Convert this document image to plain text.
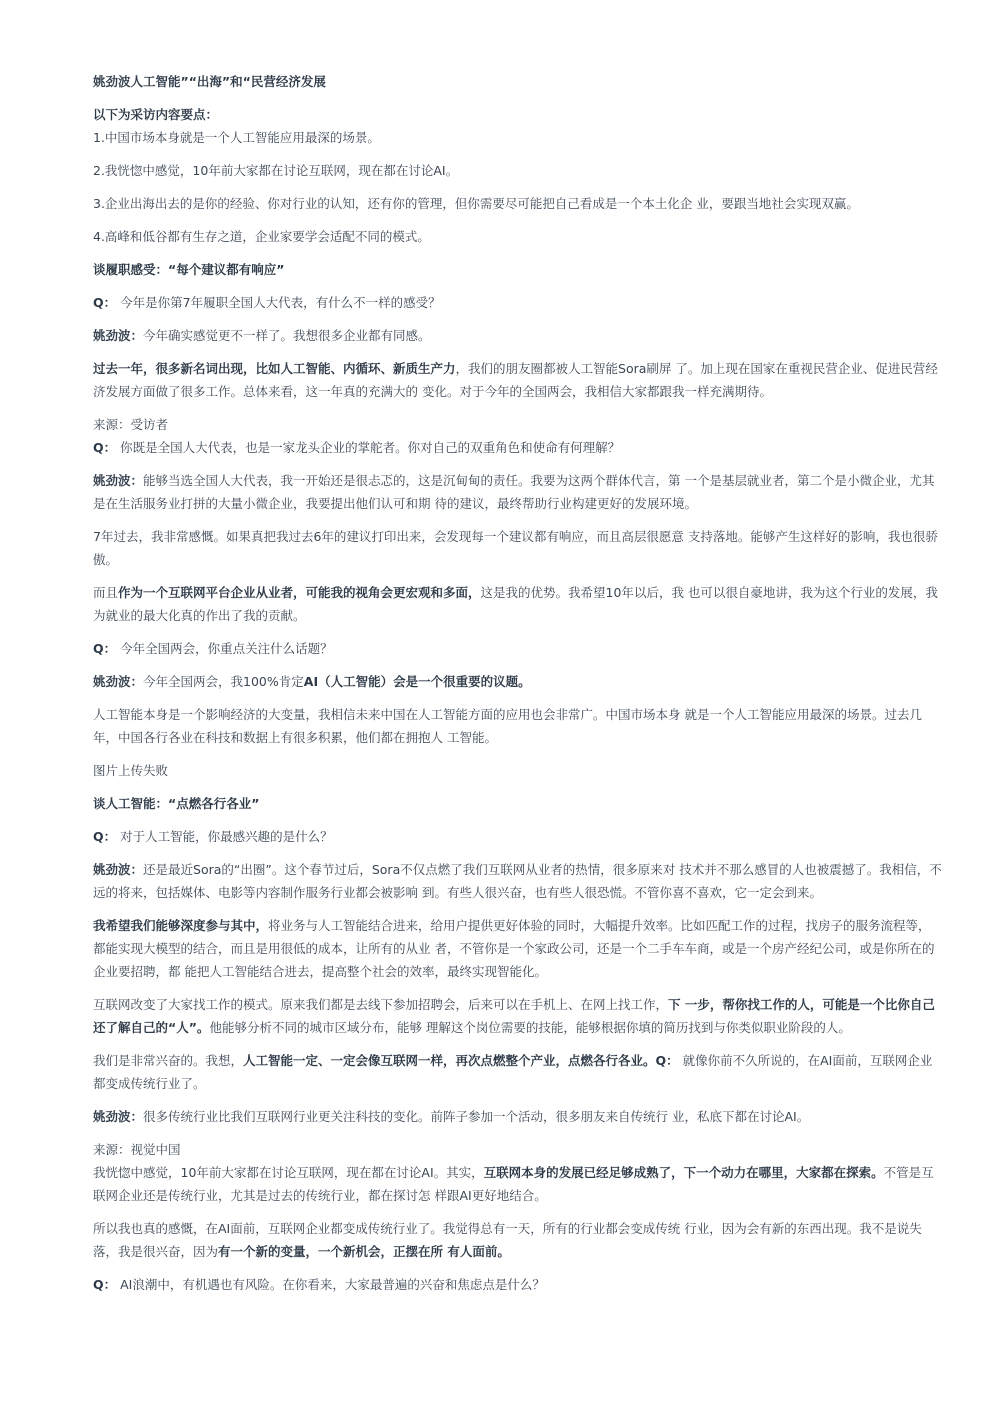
姚劲波人工智能”“出海”和“民营经济发展

以下为采访内容要点：

1.中国市场本身就是一个人工智能应用最深的场景。

2.我恍惚中感觉，10年前大家都在讨论互联网，现在都在讨论AI。

3.企业出海出去的是你的经验、你对行业的认知，还有你的管理，但你需要尽可能把自己看成是一个本土化企 业，要跟当地社会实现双赢。

4.高峰和低谷都有生存之道，企业家要学会适配不同的模式。

谈履职感受：“每个建议都有响应”

Q： 今年是你第7年履职全国人大代表，有什么不一样的感受？

姚劲波：今年确实感觉更不一样了。我想很多企业都有同感。

过去一年，很多新名词出现，比如人工智能、内循环、新质生产力，我们的朋友圈都被人工智能Sora刷屏 了。加上现在国家在重视民营企业、促进民营经济发展方面做了很多工作。总体来看，这一年真的充满大的 变化。对于今年的全国两会，我相信大家都跟我一样充满期待。

来源：受访者

Q： 你既是全国人大代表，也是一家龙头企业的掌舵者。你对自己的双重角色和使命有何理解？

姚劲波：能够当选全国人大代表，我一开始还是很忐忑的，这是沉甸甸的责任。我要为这两个群体代言，第 一个是基层就业者，第二个是小微企业，尤其是在生活服务业打拼的大量小微企业，我要提出他们认可和期 待的建议，最终帮助行业构建更好的发展环境。

7年过去，我非常感慨。如果真把我过去6年的建议打印出来，会发现每一个建议都有响应，而且高层很愿意 支持落地。能够产生这样好的影响，我也很骄傲。

而且作为一个互联网平台企业从业者，可能我的视角会更宏观和多面，这是我的优势。我希望10年以后，我 也可以很自豪地讲，我为这个行业的发展，我为就业的最大化真的作出了我的贡献。

Q： 今年全国两会，你重点关注什么话题？

姚劲波：今年全国两会，我100%肯定AI（人工智能）会是一个很重要的议题。

人工智能本身是一个影响经济的大变量，我相信未来中国在人工智能方面的应用也会非常广。中国市场本身 就是一个人工智能应用最深的场景。过去几年，中国各行各业在科技和数据上有很多积累，他们都在拥抱人 工智能。

图片上传失败

谈人工智能：“点燃各行各业”

Q： 对于人工智能，你最感兴趣的是什么？

姚劲波：还是最近Sora的“出圈”。这个春节过后，Sora不仅点燃了我们互联网从业者的热情，很多原来对 技术并不那么感冒的人也被震撼了。我相信，不远的将来，包括媒体、电影等内容制作服务行业都会被影响 到。有些人很兴奋，也有些人很恐慌。不管你喜不喜欢，它一定会到来。

我希望我们能够深度参与其中，将业务与人工智能结合进来，给用户提供更好体验的同时，大幅提升效率。比如匹配工作的过程，找房子的服务流程等，都能实现大模型的结合，而且是用很低的成本，让所有的从业 者，不管你是一个家政公司，还是一个二手车车商，或是一个房产经纪公司，或是你所在的企业要招聘，都 能把人工智能结合进去，提高整个社会的效率，最终实现智能化。

互联网改变了大家找工作的模式。原来我们都是去线下参加招聘会，后来可以在手机上、在网上找工作，下 一步，帮你找工作的人，可能是一个比你自己还了解自己的“人”。他能够分析不同的城市区域分布，能够 理解这个岗位需要的技能，能够根据你填的简历找到与你类似职业阶段的人。

我们是非常兴奋的。我想，人工智能一定、一定会像互联网一样，再次点燃整个产业，点燃各行各业。Q： 就像你前不久所说的，在AI面前，互联网企业都变成传统行业了。

姚劲波：很多传统行业比我们互联网行业更关注科技的变化。前阵子参加一个活动，很多朋友来自传统行 业，私底下都在讨论AI。

来源：视觉中国

我恍惚中感觉，10年前大家都在讨论互联网，现在都在讨论AI。其实，互联网本身的发展已经足够成熟了，下一个动力在哪里，大家都在探索。不管是互联网企业还是传统行业，尤其是过去的传统行业，都在探讨怎 样跟AI更好地结合。

所以我也真的感慨，在AI面前，互联网企业都变成传统行业了。我觉得总有一天，所有的行业都会变成传统 行业，因为会有新的东西出现。我不是说失落，我是很兴奋，因为有一个新的变量，一个新机会，正摆在所 有人面前。

Q： AI浪潮中，有机遇也有风险。在你看来，大家最普遍的兴奋和焦虑点是什么？
